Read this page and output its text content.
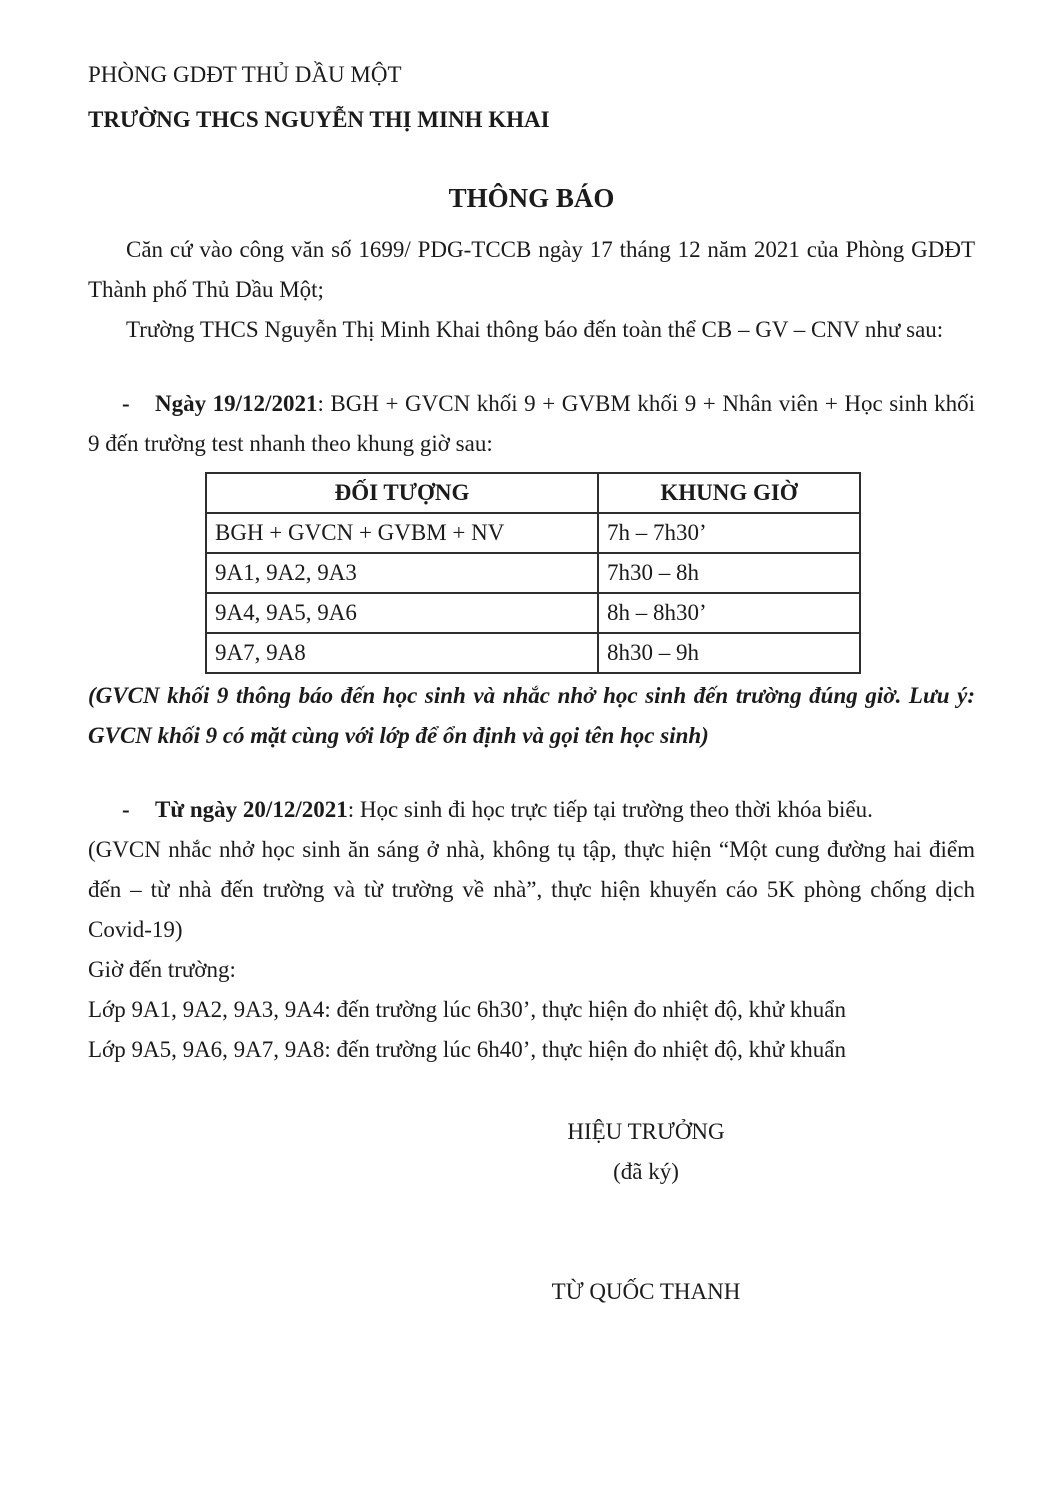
PHÒNG GDĐT THỦ DẦU MỘT

TRƯỜNG THCS NGUYỄN THỊ MINH KHAI

THÔNG BÁO

Căn cứ vào công văn số 1699/ PDG-TCCB ngày 17 tháng 12 năm 2021 của Phòng GDĐT Thành phố Thủ Dầu Một;

Trường THCS Nguyễn Thị Minh Khai thông báo đến toàn thể CB – GV – CNV như sau:

- Ngày 19/12/2021: BGH + GVCN khối 9 + GVBM khối 9 + Nhân viên + Học sinh khối 9 đến trường test nhanh theo khung giờ sau:

ĐỐI TƯỢNG	KHUNG GIỜ
BGH + GVCN + GVBM + NV	7h – 7h30’
9A1, 9A2, 9A3	7h30 – 8h
9A4, 9A5, 9A6	8h – 8h30’
9A7, 9A8	8h30 – 9h

(GVCN khối 9 thông báo đến học sinh và nhắc nhở học sinh đến trường đúng giờ. Lưu ý: GVCN khối 9 có mặt cùng với lớp để ổn định và gọi tên học sinh)

- Từ ngày 20/12/2021: Học sinh đi học trực tiếp tại trường theo thời khóa biểu.

(GVCN nhắc nhở học sinh ăn sáng ở nhà, không tụ tập, thực hiện “Một cung đường hai điểm đến – từ nhà đến trường và từ trường về nhà”, thực hiện khuyến cáo 5K phòng chống dịch Covid-19)

Giờ đến trường:

Lớp 9A1, 9A2, 9A3, 9A4: đến trường lúc 6h30’, thực hiện đo nhiệt độ, khử khuẩn

Lớp 9A5, 9A6, 9A7, 9A8: đến trường lúc 6h40’, thực hiện đo nhiệt độ, khử khuẩn

HIỆU TRƯỞNG

(đã ký)

TỪ QUỐC THANH
